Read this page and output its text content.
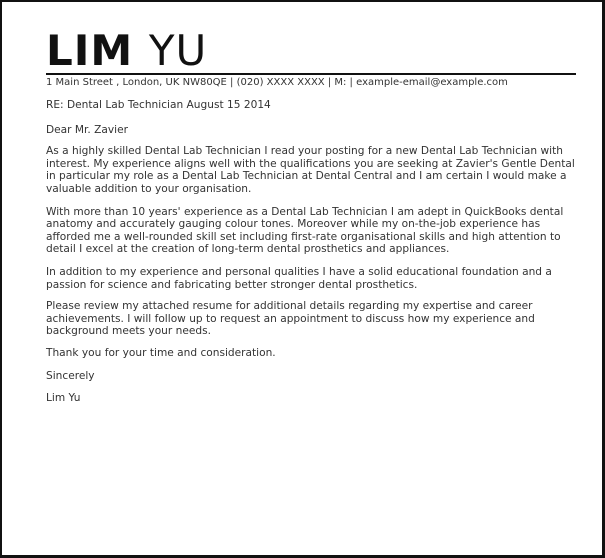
LIM YU
1 Main Street , London, UK NW80QE | (020) XXXX XXXX | M: | example-email@example.com
RE: Dental Lab Technician August 15 2014
Dear Mr. Zavier

As a highly skilled Dental Lab Technician I read your posting for a new Dental Lab Technician with interest. My experience aligns well with the qualifications you are seeking at Zavier's Gentle Dental in particular my role as a Dental Lab Technician at Dental Central and I am certain I would make a valuable addition to your organisation.

With more than 10 years' experience as a Dental Lab Technician I am adept in QuickBooks dental anatomy and accurately gauging colour tones. Moreover while my on-the-job experience has afforded me a well-rounded skill set including first-rate organisational skills and high attention to detail I excel at the creation of long-term dental prosthetics and appliances.

In addition to my experience and personal qualities I have a solid educational foundation and a passion for science and fabricating better stronger dental prosthetics.

Please review my attached resume for additional details regarding my expertise and career achievements. I will follow up to request an appointment to discuss how my experience and background meets your needs.

Thank you for your time and consideration.
Sincerely
Lim Yu
